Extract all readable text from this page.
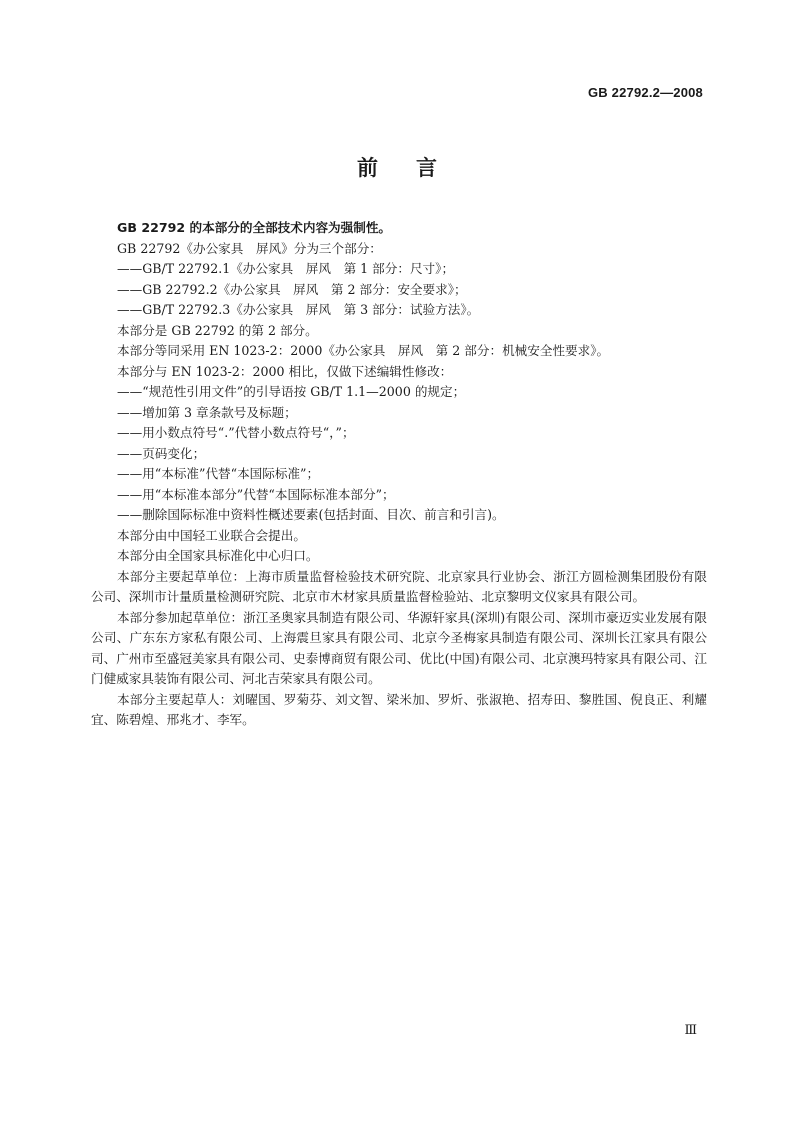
GB 22792.2—2008
前言

GB 22792 的本部分的全部技术内容为强制性。

GB 22792《办公家具　屏风》分为三个部分：

——GB/T 22792.1《办公家具　屏风　第 1 部分：尺寸》；

——GB 22792.2《办公家具　屏风　第 2 部分：安全要求》；

——GB/T 22792.3《办公家具　屏风　第 3 部分：试验方法》。

本部分是 GB 22792 的第 2 部分。

本部分等同采用 EN 1023-2：2000《办公家具　屏风　第 2 部分：机械安全性要求》。

本部分与 EN 1023-2：2000 相比，仅做下述编辑性修改：

——“规范性引用文件”的引导语按 GB/T 1.1—2000 的规定；

——增加第 3 章条款号及标题；

——用小数点符号“.”代替小数点符号“，”；

——页码变化；

——用“本标准”代替“本国际标准”；

——用“本标准本部分”代替“本国际标准本部分”；

——删除国际标准中资料性概述要素(包括封面、目次、前言和引言)。

本部分由中国轻工业联合会提出。

本部分由全国家具标准化中心归口。

本部分主要起草单位：上海市质量监督检验技术研究院、北京家具行业协会、浙江方圆检测集团股份有限公司、深圳市计量质量检测研究院、北京市木材家具质量监督检验站、北京黎明文仪家具有限公司。

本部分参加起草单位：浙江圣奥家具制造有限公司、华源轩家具(深圳)有限公司、深圳市豪迈实业发展有限公司、广东东方家私有限公司、上海震旦家具有限公司、北京今圣梅家具制造有限公司、深圳长江家具有限公司、广州市至盛冠美家具有限公司、史泰博商贸有限公司、优比(中国)有限公司、北京澳玛特家具有限公司、江门健威家具装饰有限公司、河北吉荣家具有限公司。

本部分主要起草人：刘曜国、罗菊芬、刘文智、梁米加、罗炘、张淑艳、招寿田、黎胜国、倪良正、利耀宜、陈碧煌、邢兆才、李军。

Ⅲ
